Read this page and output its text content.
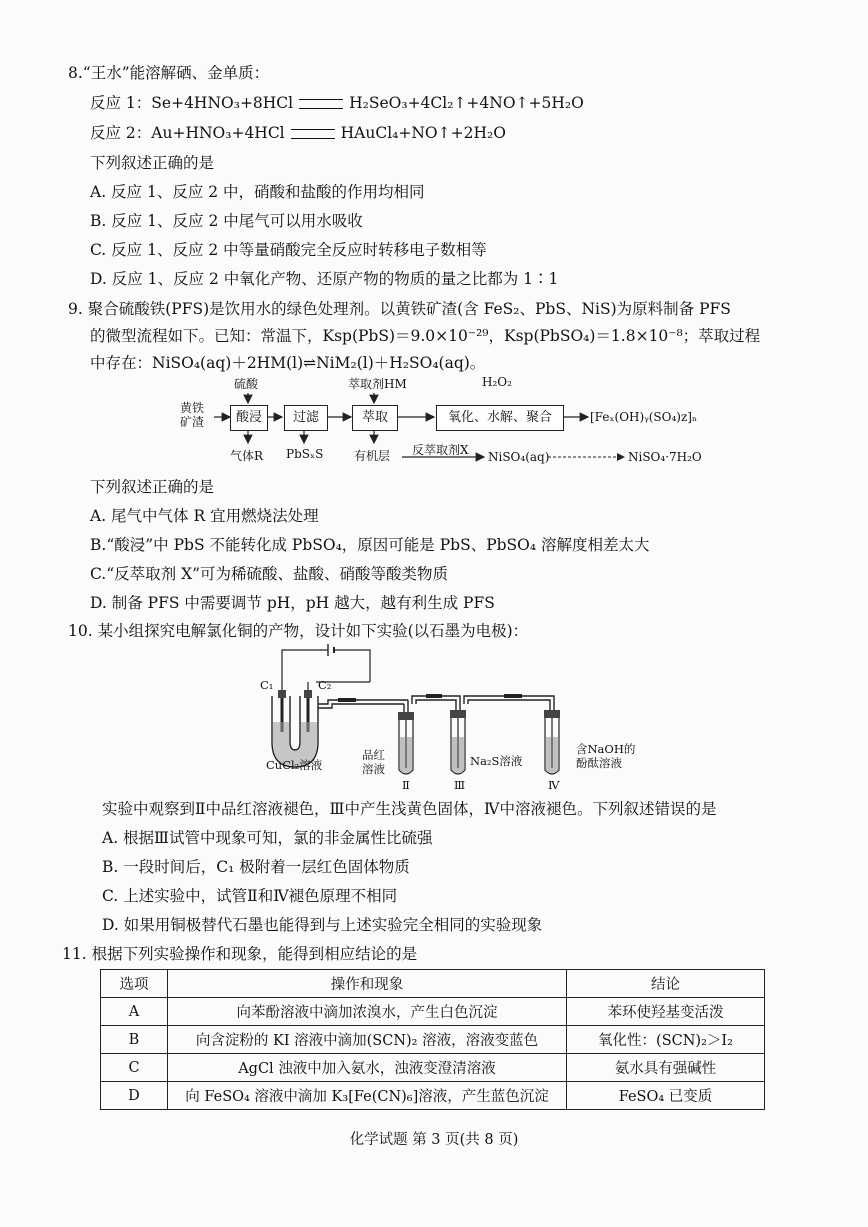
8.“王水”能溶解硒、金单质：
反应 1：Se+4HNO₃+8HCl	H₂SeO₃+4Cl₂↑+4NO↑+5H₂O
反应 2：Au+HNO₃+4HCl	HAuCl₄+NO↑+2H₂O
下列叙述正确的是
A. 反应 1、反应 2 中，硝酸和盐酸的作用均相同
B. 反应 1、反应 2 中尾气可以用水吸收
C. 反应 1、反应 2 中等量硝酸完全反应时转移电子数相等
D. 反应 1、反应 2 中氧化产物、还原产物的物质的量之比都为 1∶1
9. 聚合硫酸铁(PFS)是饮用水的绿色处理剂。以黄铁矿渣(含 FeS₂、PbS、NiS)为原料制备 PFS
的微型流程如下。已知：常温下，Ksp(PbS)＝9.0×10⁻²⁹，Ksp(PbSO₄)＝1.8×10⁻⁸；萃取过程
中存在：NiSO₄(aq)＋2HM(l)⇌NiM₂(l)＋H₂SO₄(aq)。
黄铁矿渣
硫酸
酸浸	过滤
萃取剂HM
萃取
H₂O₂
氧化、水解、聚合	[Feₓ(OH)ᵧ(SO₄)z]ₙ
气体R PbSₓS	有机层 反萃取剂X NiSO₄(aq)	NiSO₄·7H₂O
下列叙述正确的是
A. 尾气中气体 R 宜用燃烧法处理
B.“酸浸”中 PbS 不能转化成 PbSO₄，原因可能是 PbS、PbSO₄ 溶解度相差太大
C.“反萃取剂 X”可为稀硫酸、盐酸、硝酸等酸类物质
D. 制备 PFS 中需要调节 pH，pH 越大，越有利生成 PFS
10. 某小组探究电解氯化铜的产物，设计如下实验(以石墨为电极)：
C₁	C₂
CuCl₂溶液
品红
溶液
Ⅱ	Ⅲ
Na₂S溶液
Ⅳ
含NaOH的
酚酞溶液
实验中观察到Ⅱ中品红溶液褪色，Ⅲ中产生浅黄色固体，Ⅳ中溶液褪色。下列叙述错误的是
A. 根据Ⅲ试管中现象可知，氯的非金属性比硫强
B. 一段时间后，C₁ 极附着一层红色固体物质
C. 上述实验中，试管Ⅱ和Ⅳ褪色原理不相同
D. 如果用铜极替代石墨也能得到与上述实验完全相同的实验现象
11. 根据下列实验操作和现象，能得到相应结论的是
选项	操作和现象	结论
A	向苯酚溶液中滴加浓溴水，产生白色沉淀	苯环使羟基变活泼
B	向含淀粉的 KI 溶液中滴加(SCN)₂ 溶液，溶液变蓝色	氧化性：(SCN)₂＞I₂
C	AgCl 浊液中加入氨水，浊液变澄清溶液	氨水具有强碱性
D	向 FeSO₄ 溶液中滴加 K₃[Fe(CN)₆]溶液，产生蓝色沉淀	FeSO₄ 已变质
化学试题 第 3 页(共 8 页)
